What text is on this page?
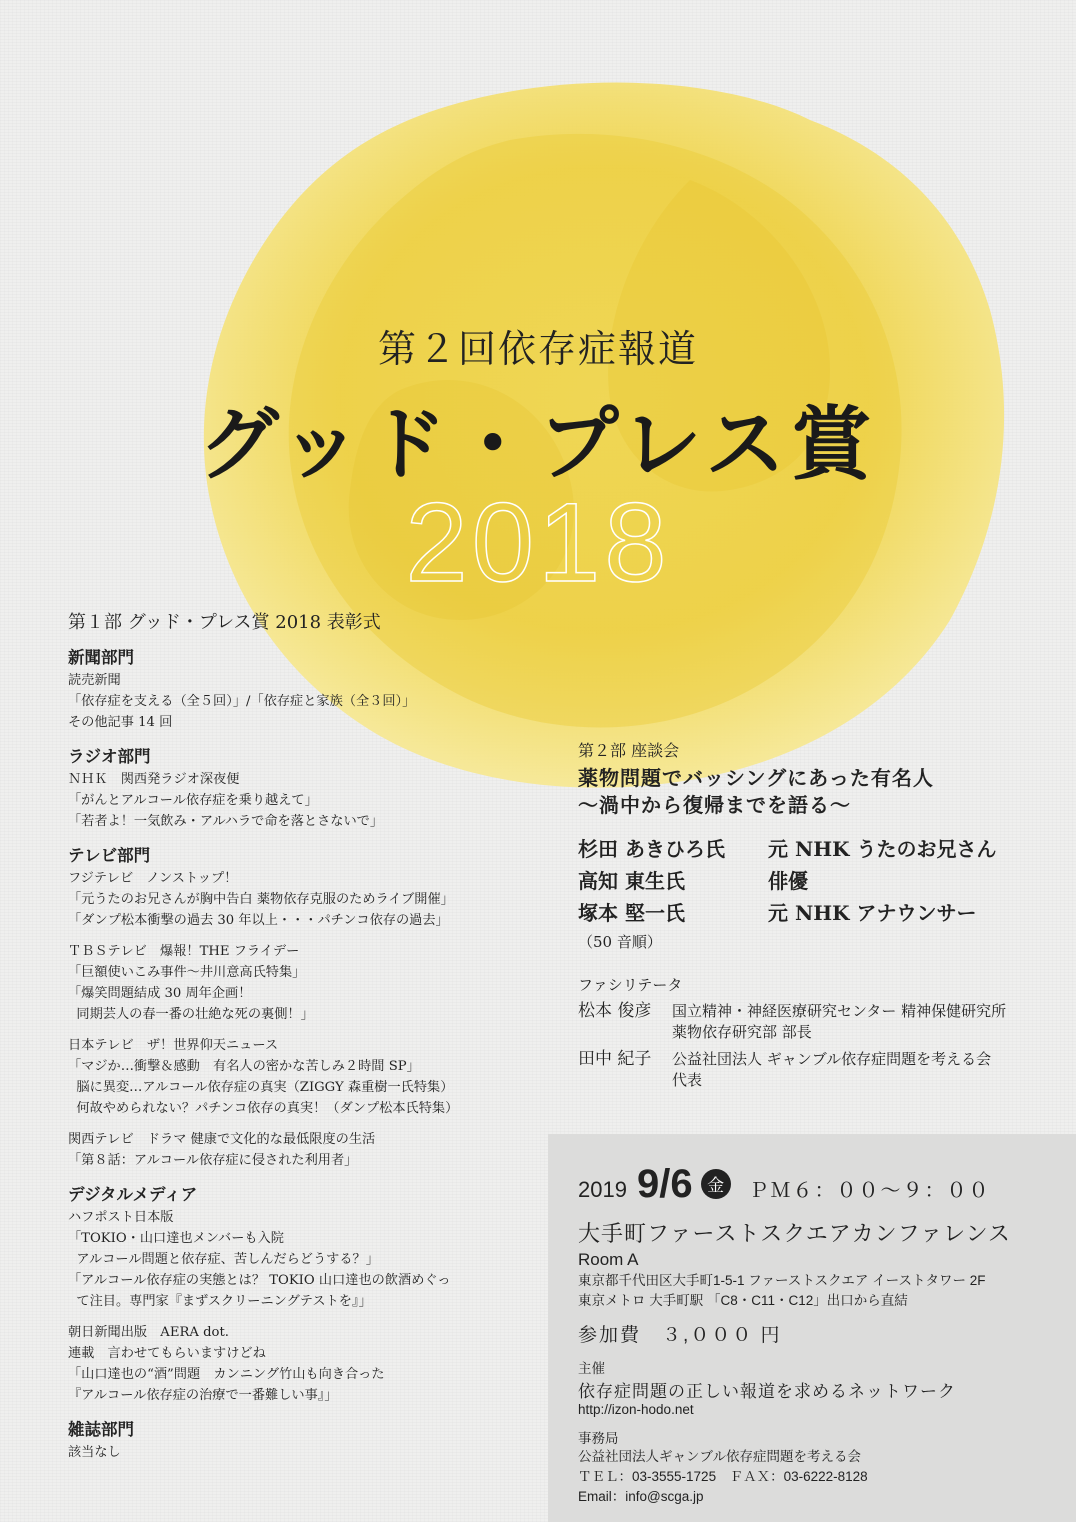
第２回依存症報道
グッド・プレス賞
2018
第１部 グッド・プレス賞 2018 表彰式
新聞部門
読売新聞
「依存症を支える（全５回）」/「依存症と家族（全３回）」
その他記事 14 回
ラジオ部門
ＮＨＫ　関西発ラジオ深夜便
「がんとアルコール依存症を乗り越えて」
「若者よ！一気飲み・アルハラで命を落とさないで」
テレビ部門
フジテレビ　ノンストップ！
「元うたのお兄さんが胸中告白 薬物依存克服のためライブ開催」
「ダンプ松本衝撃の過去 30 年以上・・・パチンコ依存の過去」
ＴＢＳテレビ　爆報！THE フライデー
「巨額使いこみ事件～井川意高氏特集」
「爆笑問題結成 30 周年企画！
同期芸人の春一番の壮絶な死の裏側！」
日本テレビ　ザ！世界仰天ニュース
「マジか…衝撃＆感動　有名人の密かな苦しみ２時間 SP」
脳に異変…アルコール依存症の真実（ZIGGY 森重樹一氏特集）
何故やめられない？パチンコ依存の真実！（ダンプ松本氏特集）
関西テレビ　ドラマ 健康で文化的な最低限度の生活
「第８話：アルコール依存症に侵された利用者」
デジタルメディア
ハフポスト日本版
「TOKIO・山口達也メンバーも入院
アルコール問題と依存症、苦しんだらどうする？」
「アルコール依存症の実態とは？ TOKIO 山口達也の飲酒めぐっ
て注目。専門家『まずスクリーニングテストを』」
朝日新聞出版　AERA dot.
連載　言わせてもらいますけどね
「山口達也の“酒”問題　カンニング竹山も向き合った
『アルコール依存症の治療で一番難しい事』」
雑誌部門
該当なし
第２部 座談会
薬物問題でバッシングにあった有名人
～渦中から復帰までを語る～
杉田 あきひろ氏	元 NHK うたのお兄さん
高知 東生氏	俳優
塚本 堅一氏	元 NHK アナウンサー
（50 音順）
ファシリテータ
松本 俊彦	国立精神・神経医療研究センター 精神保健研究所
薬物依存研究部 部長
田中 紀子	公益社団法人 ギャンブル依存症問題を考える会
代表
2019 9/6 金	ＰＭ６：００～９：００
大手町ファーストスクエアカンファレンス
Room A
東京都千代田区大手町1-5-1 ファーストスクエア イーストタワー 2F
東京メトロ 大手町駅 「C8・C11・C12」出口から直結
参加費　３,０００ 円
主催
依存症問題の正しい報道を求めるネットワーク
http://izon-hodo.net
事務局
公益社団法人ギャンブル依存症問題を考える会
ＴＥＬ：03-3555-1725　ＦＡＸ：03-6222-8128
Email：info@scga.jp
